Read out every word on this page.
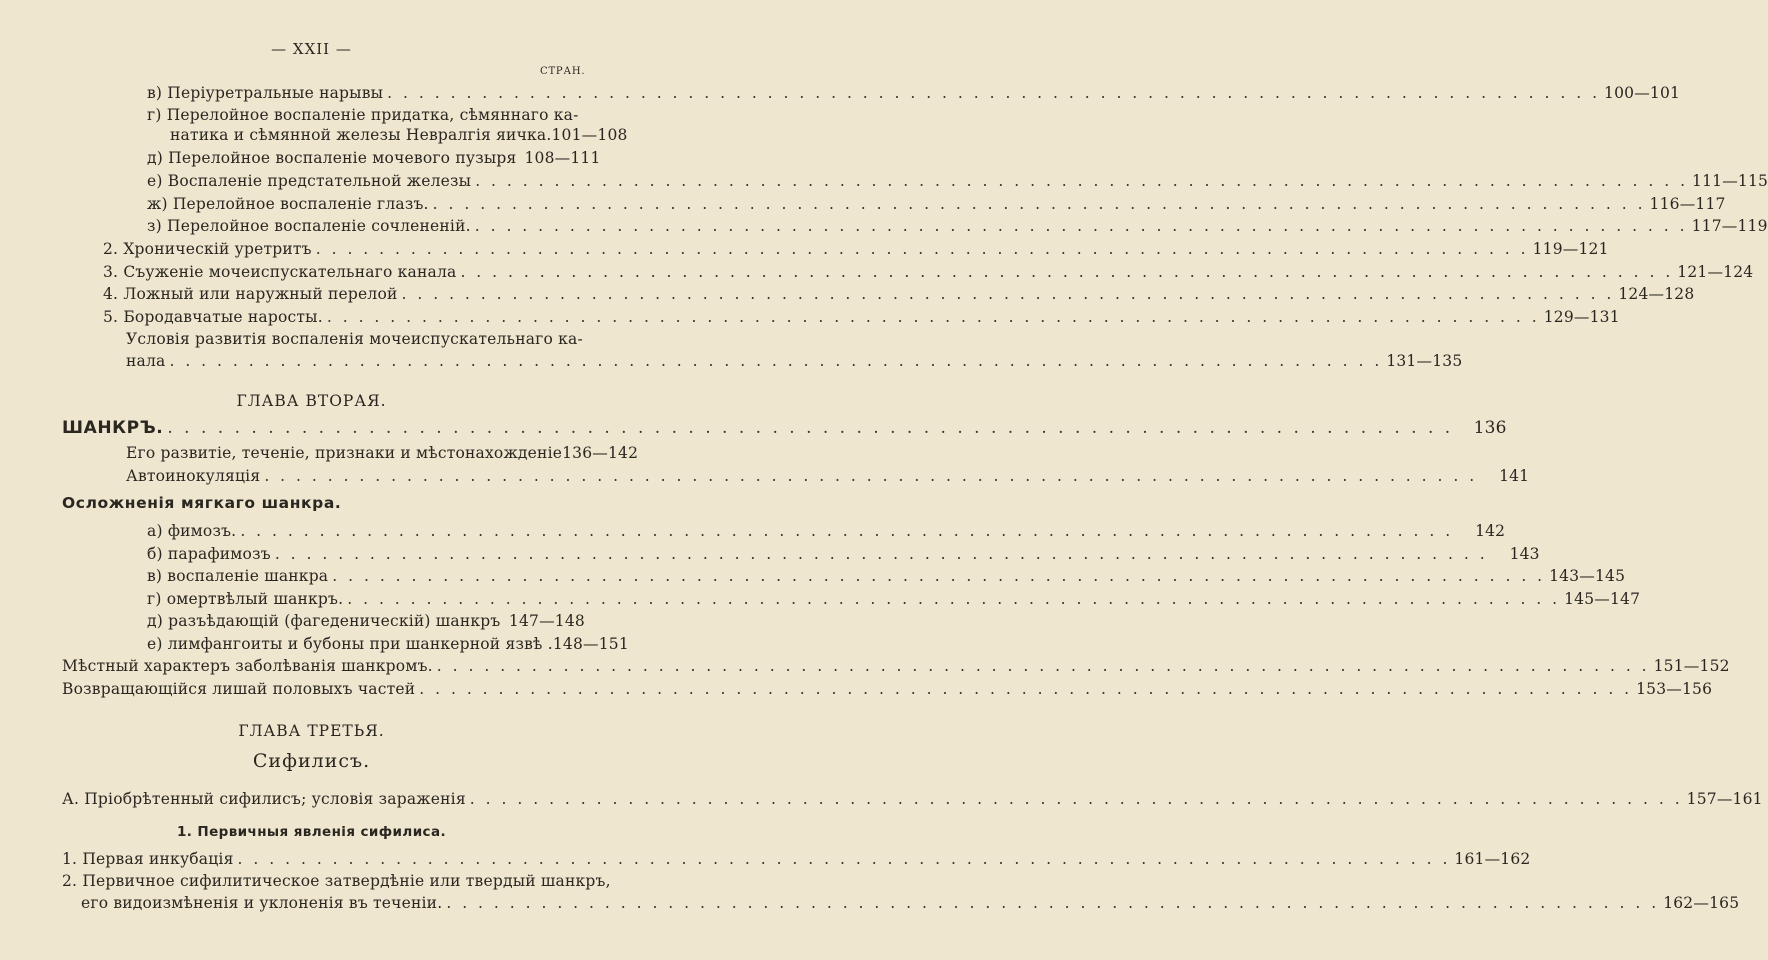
— XXII —
СТРАН.
в) Періуретральные нарывы . . .	100—101
г) Перелойное воспаленіе придатка, сѣмяннаго ка-
натика и сѣмянной железы Невралгія яичка. 101—108
д) Перелойное воспаленіе мочевого пузыря 108—111
е) Воспаленіе предстательной железы . . .	111—115
ж) Перелойное воспаленіе глазъ. . . .	116—117
з) Перелойное воспаленіе сочлененій. . . .	117—119
2. Хроническій уретритъ . . .	119—121
3. Съуженіе мочеиспускательнаго канала . . .	121—124
4. Ложный или наружный перелой . . .	124—128
5. Бородавчатые наросты. . . .	129—131
Условія развитія воспаленія мочеиспускательнаго ка-
нала . . .	131—135
ГЛАВА ВТОРАЯ.
ШАНКРЪ. . . .	136
Его развитіе, теченіе, признаки и мѣстонахожденіе 136—142
Автоинокуляція . . .	141
Осложненія мягкаго шанкра.
а) фимозъ. . . .	142
б) парафимозъ . . .	143
в) воспаленіе шанкра . . .	143—145
г) омертвѣлый шанкръ. . . .	145—147
д) разъѣдающій (фагеденическій) шанкръ . . . 147—148
е) лимфангоиты и бубоны при шанкерной язвѣ . 148—151
Мѣстный характеръ заболѣванія шанкромъ. . . .	151—152
Возвращающійся лишай половыхъ частей . . .	153—156
ГЛАВА ТРЕТЬЯ.
Сифилисъ.
А. Пріобрѣтенный сифилисъ; условія зараженія . . .	157—161
1. Первичныя явленія сифилиса.
1. Первая инкубація . . .	161—162
2. Первичное сифилитическое затвердѣніе или твердый шанкръ,
его видоизмѣненія и уклоненія въ теченіи. . . .	162—165
